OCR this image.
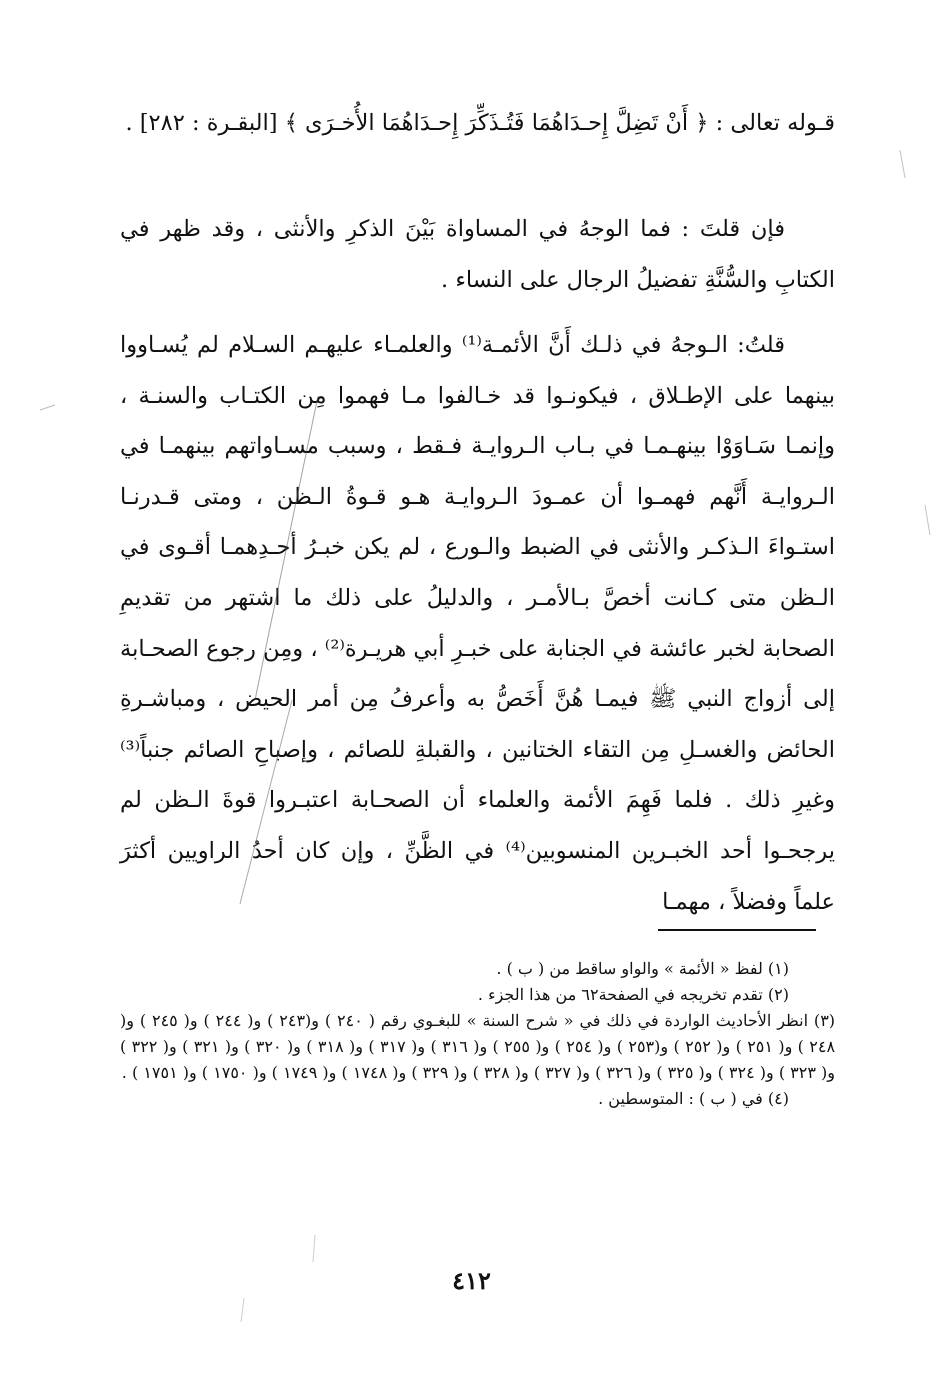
قـوله تعالى : ﴿ أَنْ تَضِلَّ إِحـدَاهُمَا فَتُـذَكِّرَ إِحـدَاهُمَا الأُخـرَى ﴾ [البقـرة : ٢٨٢] .

فإن قلتَ : فما الوجهُ في المساواة بَيْنَ الذكرِ والأنثى ، وقد ظهر في الكتابِ والسُّنَّةِ تفضيلُ الرجال على النساء .

قلتُ: الـوجهُ في ذلـك أَنَّ الأئمـة⁽¹⁾ والعلمـاء عليهـم السـلام لم يُسـاووا بينهما على الإطـلاق ، فيكونـوا قد خـالفوا مـا فهموا مِن الكتـاب والسنـة ، وإنمـا سَـاوَوْا بينهـمـا في بـاب الـروايـة فـقط ، وسبب مسـاواتهم بينهمـا في الـروايـة أَنَّهم فهمـوا أن عمـودَ الـروايـة هـو قـوةُ الـظن ، ومتى قـدرنـا استـواءَ الـذكـر والأنثى في الضبط والـورع ، لم يكن خبـرُ أحـدِهمـا أقـوى في الـظن متى كـانت أخصَّ بـالأمـر ، والدليلُ على ذلك ما اشتهر من تقديمِ الصحابة لخبر عائشة في الجنابة على خبـرِ أبي هريـرة⁽²⁾ ، ومِن رجوع الصحـابة إلى أزواج النبي ﷺ فيمـا هُنَّ أَخَصُّ به وأعرفُ مِن أمر الحيض ، ومباشـرةِ الحائض والغسـلِ مِن التقاء الختانين ، والقبلةِ للصائم ، وإصباحِ الصائم جنباً⁽³⁾ وغيرِ ذلك . فلما فَهِمَ الأئمة والعلماء أن الصحـابة اعتبـروا قوةَ الـظن لم يرجحـوا أحد الخبـرين المنسوبين⁽⁴⁾ في الظَّنِّ ، وإن كان أحدُ الراويين أكثرَ علماً وفضلاً ، مهمـا

(١) لفظ « الأئمة » والواو ساقط من ( ب ) .

(٢) تقدم تخريجه في الصفحة٦٢ من هذا الجزء .

(٣) انظر الأحاديث الواردة في ذلك في « شرح السنة » للبغـوي رقم ( ٢٤٠ ) و(٢٤٣ ) و( ٢٤٤ ) و( ٢٤٥ ) و( ٢٤٨ ) و( ٢٥١ ) و( ٢٥٢ ) و(٢٥٣ ) و( ٢٥٤ ) و( ٢٥٥ ) و( ٣١٦ ) و( ٣١٧ ) و( ٣١٨ ) و( ٣٢٠ ) و( ٣٢١ ) و( ٣٢٢ ) و( ٣٢٣ ) و( ٣٢٤ ) و( ٣٢٥ ) و( ٣٢٦ ) و( ٣٢٧ ) و( ٣٢٨ ) و( ٣٢٩ ) و( ١٧٤٨ ) و( ١٧٤٩ ) و( ١٧٥٠ ) و( ١٧٥١ ) .

(٤) في ( ب ) : المتوسطين .

٤١٢
